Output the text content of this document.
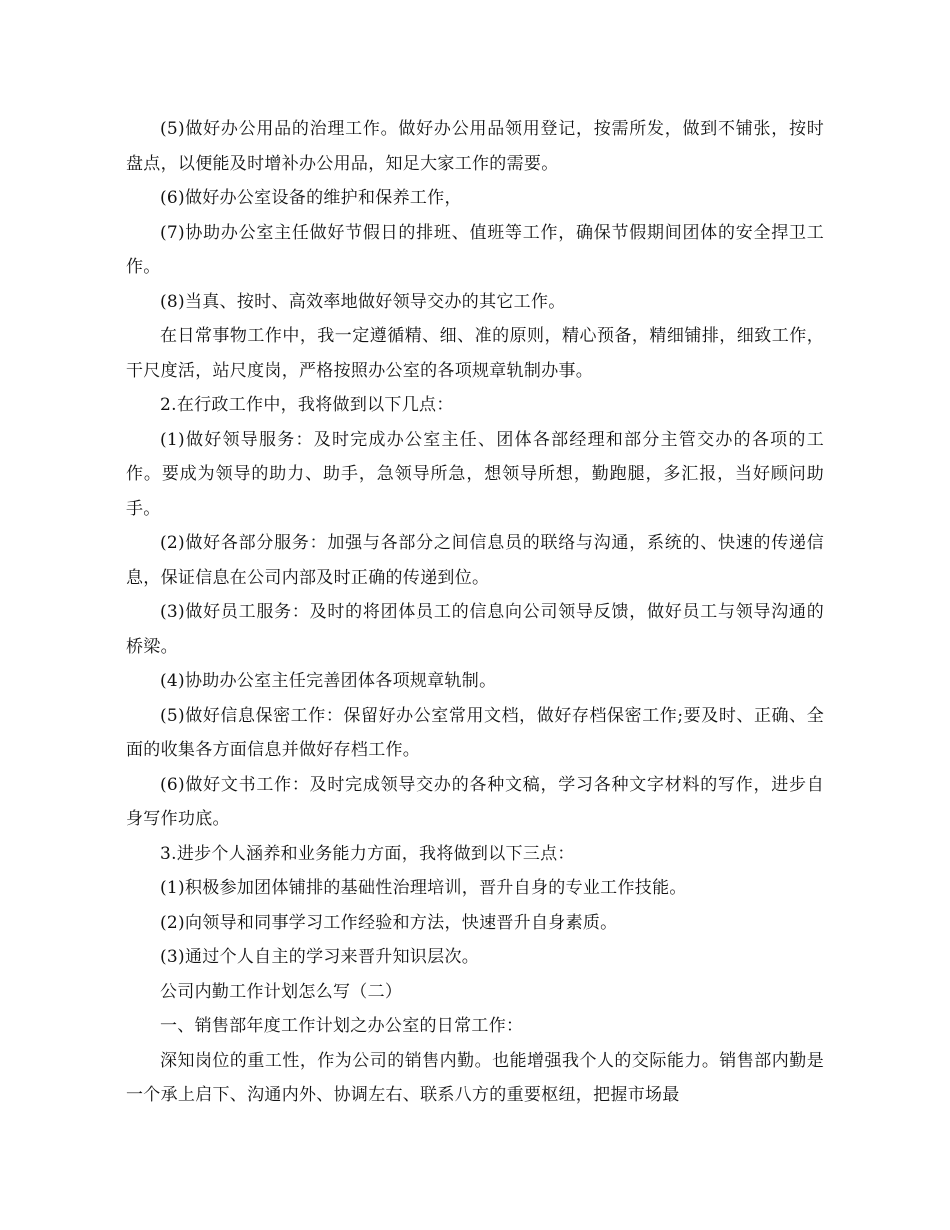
(5)做好办公用品的治理工作。做好办公用品领用登记，按需所发，做到不铺张，按时盘点，以便能及时增补办公用品，知足大家工作的需要。

(6)做好办公室设备的维护和保养工作，

(7)协助办公室主任做好节假日的排班、值班等工作，确保节假期间团体的安全捍卫工作。

(8)当真、按时、高效率地做好领导交办的其它工作。

在日常事物工作中，我一定遵循精、细、准的原则，精心预备，精细铺排，细致工作，干尺度活，站尺度岗，严格按照办公室的各项规章轨制办事。

2.在行政工作中，我将做到以下几点：

(1)做好领导服务：及时完成办公室主任、团体各部经理和部分主管交办的各项的工作。要成为领导的助力、助手，急领导所急，想领导所想，勤跑腿，多汇报，当好顾问助手。

(2)做好各部分服务：加强与各部分之间信息员的联络与沟通，系统的、快速的传递信息，保证信息在公司内部及时正确的传递到位。

(3)做好员工服务：及时的将团体员工的信息向公司领导反馈，做好员工与领导沟通的桥梁。

(4)协助办公室主任完善团体各项规章轨制。

(5)做好信息保密工作：保留好办公室常用文档，做好存档保密工作;要及时、正确、全面的收集各方面信息并做好存档工作。

(6)做好文书工作：及时完成领导交办的各种文稿，学习各种文字材料的写作，进步自身写作功底。

3.进步个人涵养和业务能力方面，我将做到以下三点：

(1)积极参加团体铺排的基础性治理培训，晋升自身的专业工作技能。

(2)向领导和同事学习工作经验和方法，快速晋升自身素质。

(3)通过个人自主的学习来晋升知识层次。

公司内勤工作计划怎么写（二）

一、销售部年度工作计划之办公室的日常工作：

深知岗位的重工性，作为公司的销售内勤。也能增强我个人的交际能力。销售部内勤是一个承上启下、沟通内外、协调左右、联系八方的重要枢纽，把握市场最
